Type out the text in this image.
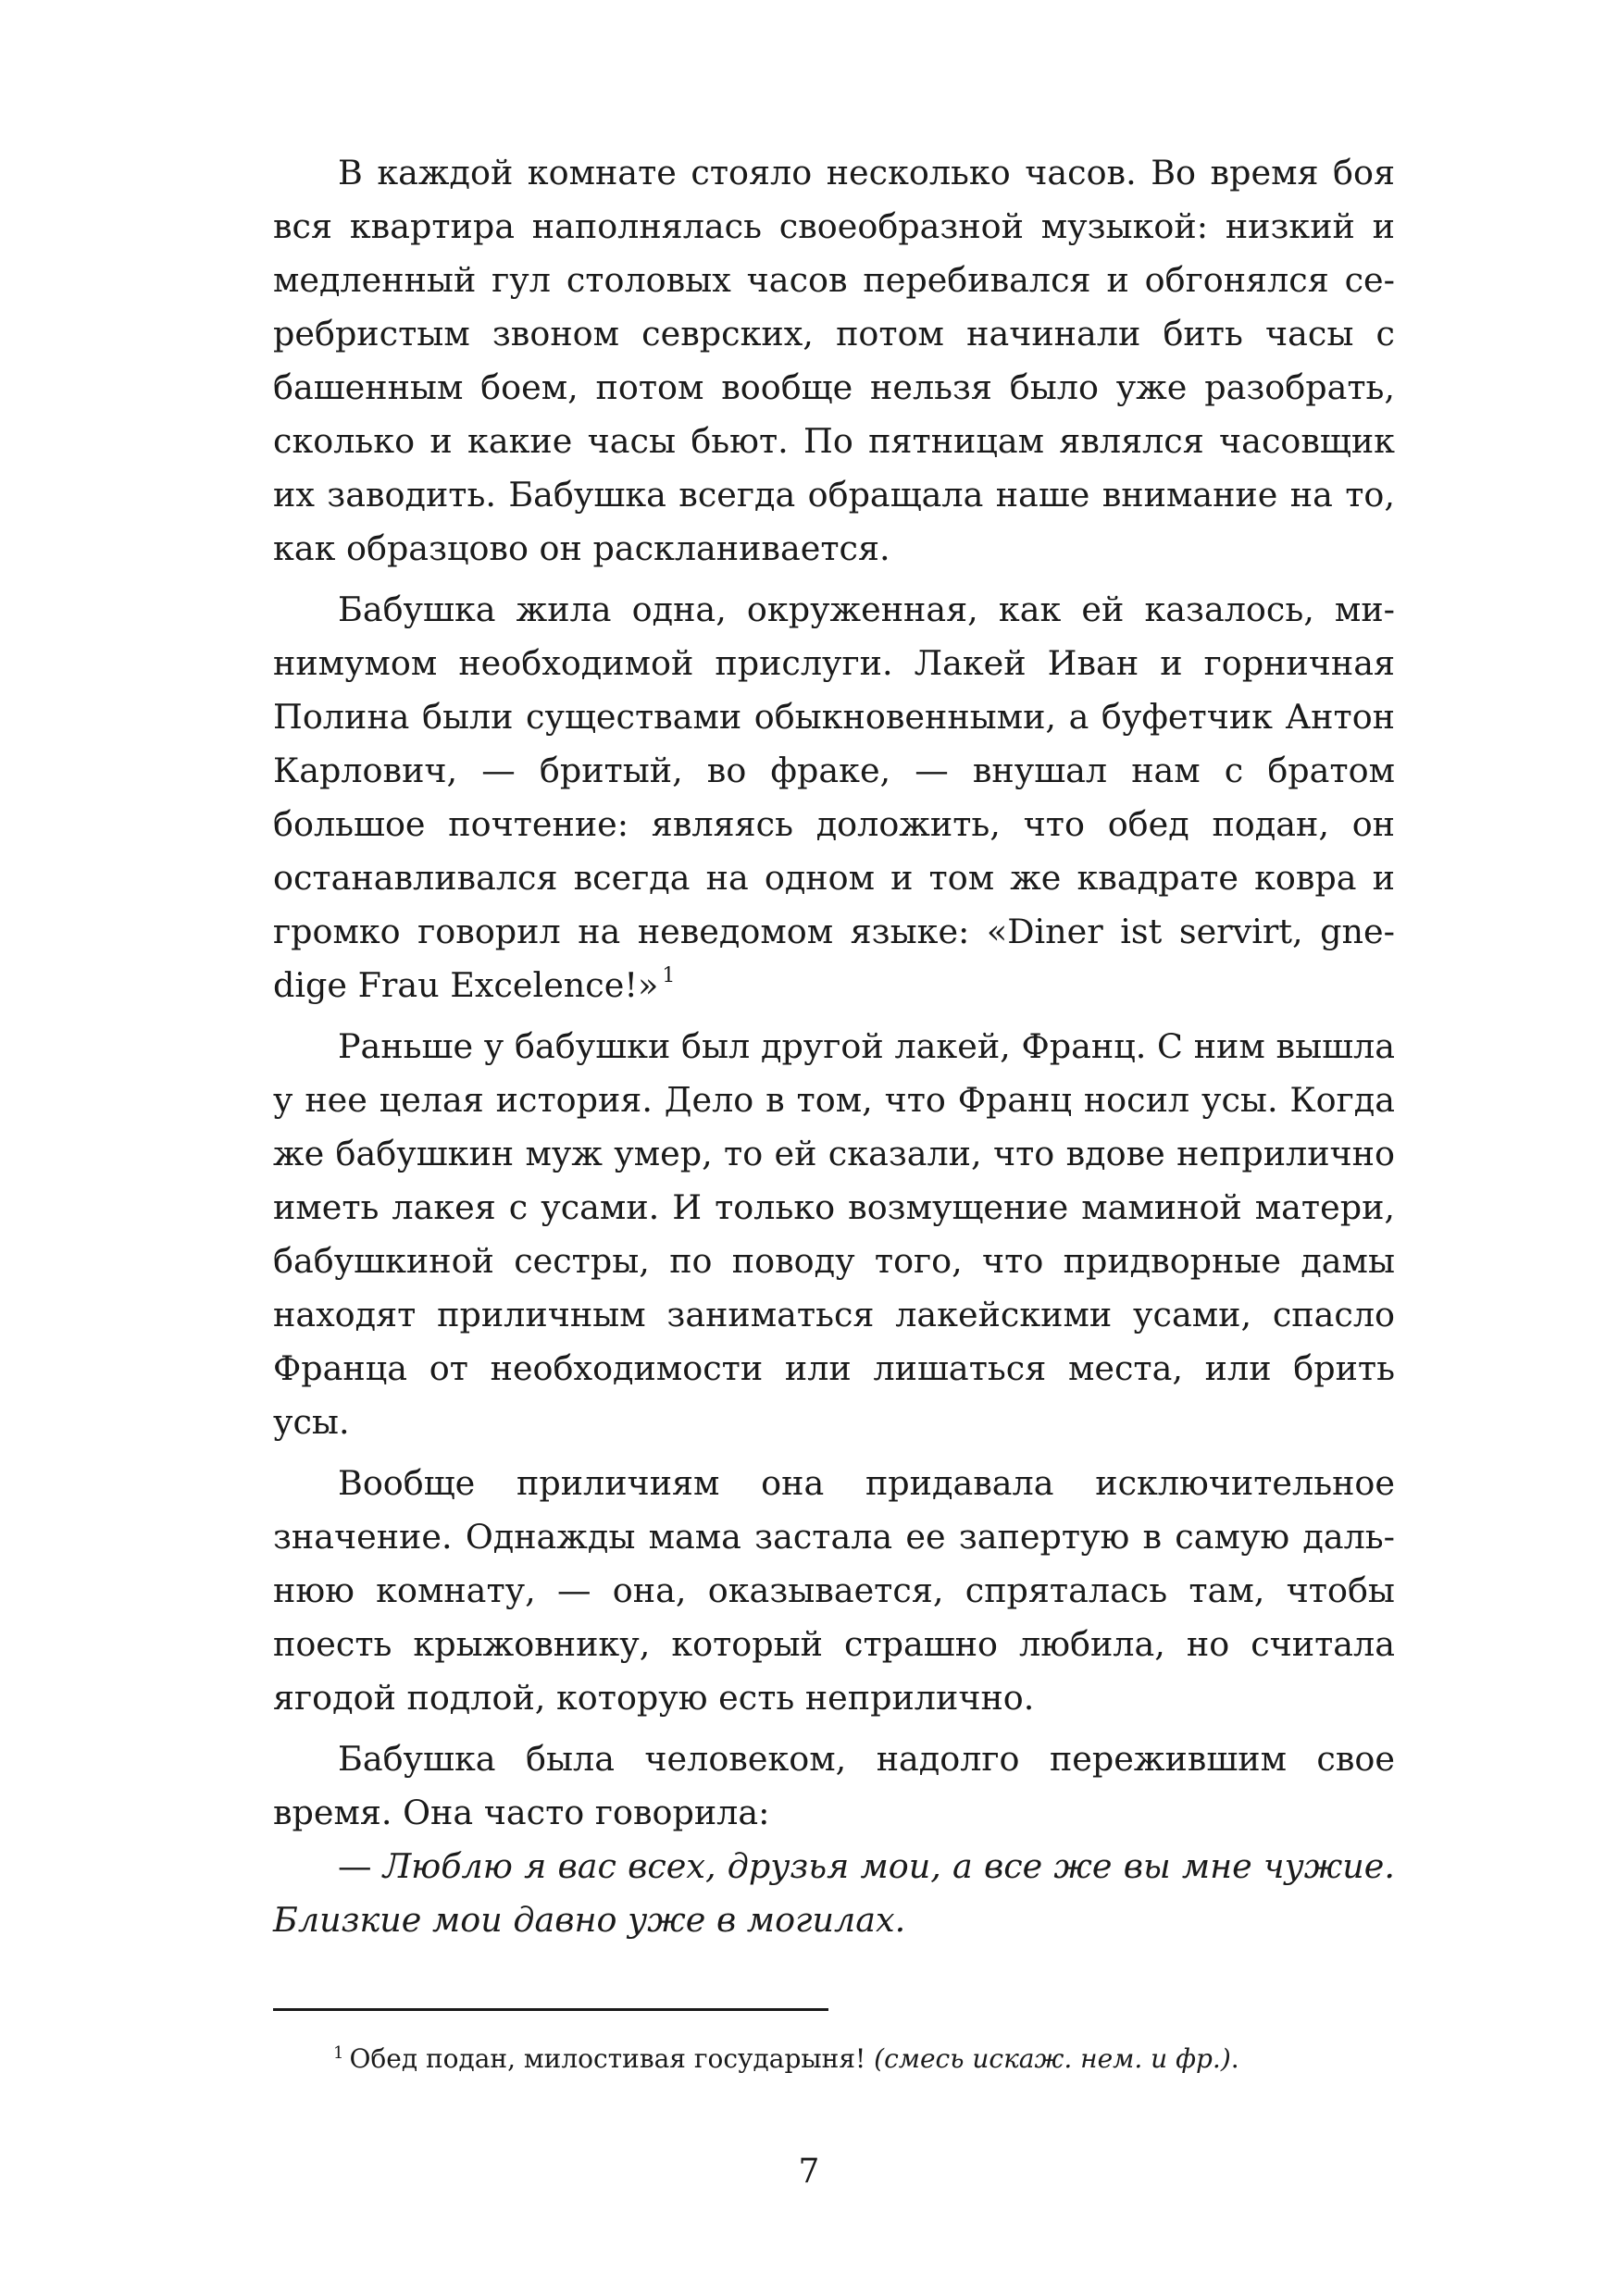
В каждой комнате стояло несколько часов. Во время боя вся квартира наполнялась своеобразной музыкой: низкий и медленный гул столовых часов перебивался и обгонялся серебристым звоном севрских, потом начинали бить часы с башенным боем, потом вообще нельзя было уже разобрать, сколько и какие часы бьют. По пятницам являлся часовщик их заводить. Бабушка всегда обращала наше внимание на то, как образцово он раскланивается.

Бабушка жила одна, окруженная, как ей казалось, минимумом необходимой прислуги. Лакей Иван и горничная Полина были существами обыкновенными, а буфетчик Антон Карлович, — бритый, во фраке, — внушал нам с братом большое почтение: являясь доложить, что обед подан, он останавливался всегда на одном и том же квадрате ковра и громко говорил на неведомом языке: «Diner ist servirt, gnedige Frau Excelence!» $^1$

Раньше у бабушки был другой лакей, Франц. С ним вышла у нее целая история. Дело в том, что Франц носил усы. Когда же бабушкин муж умер, то ей сказали, что вдове неприлично иметь лакея с усами. И только возмущение маминой матери, бабушкиной сестры, по поводу того, что придворные дамы находят приличным заниматься лакейскими усами, спасло Франца от необходимости или лишаться места, или брить усы.

Вообще приличиям она придавала исключительное значение. Однажды мама застала ее запертую в самую дальнюю комнату, — она, оказывается, спряталась там, чтобы поесть крыжовнику, который страшно любила, но считала ягодой подлой, которую есть неприлично.

Бабушка была человеком, надолго пережившим свое время. Она часто говорила:

— Люблю я вас всех, друзья мои, а все же вы мне чужие. Близкие мои давно уже в могилах.

$^1$ Обед подан, милостивая государыня! (смесь искаж. нем. и фр.).

7
